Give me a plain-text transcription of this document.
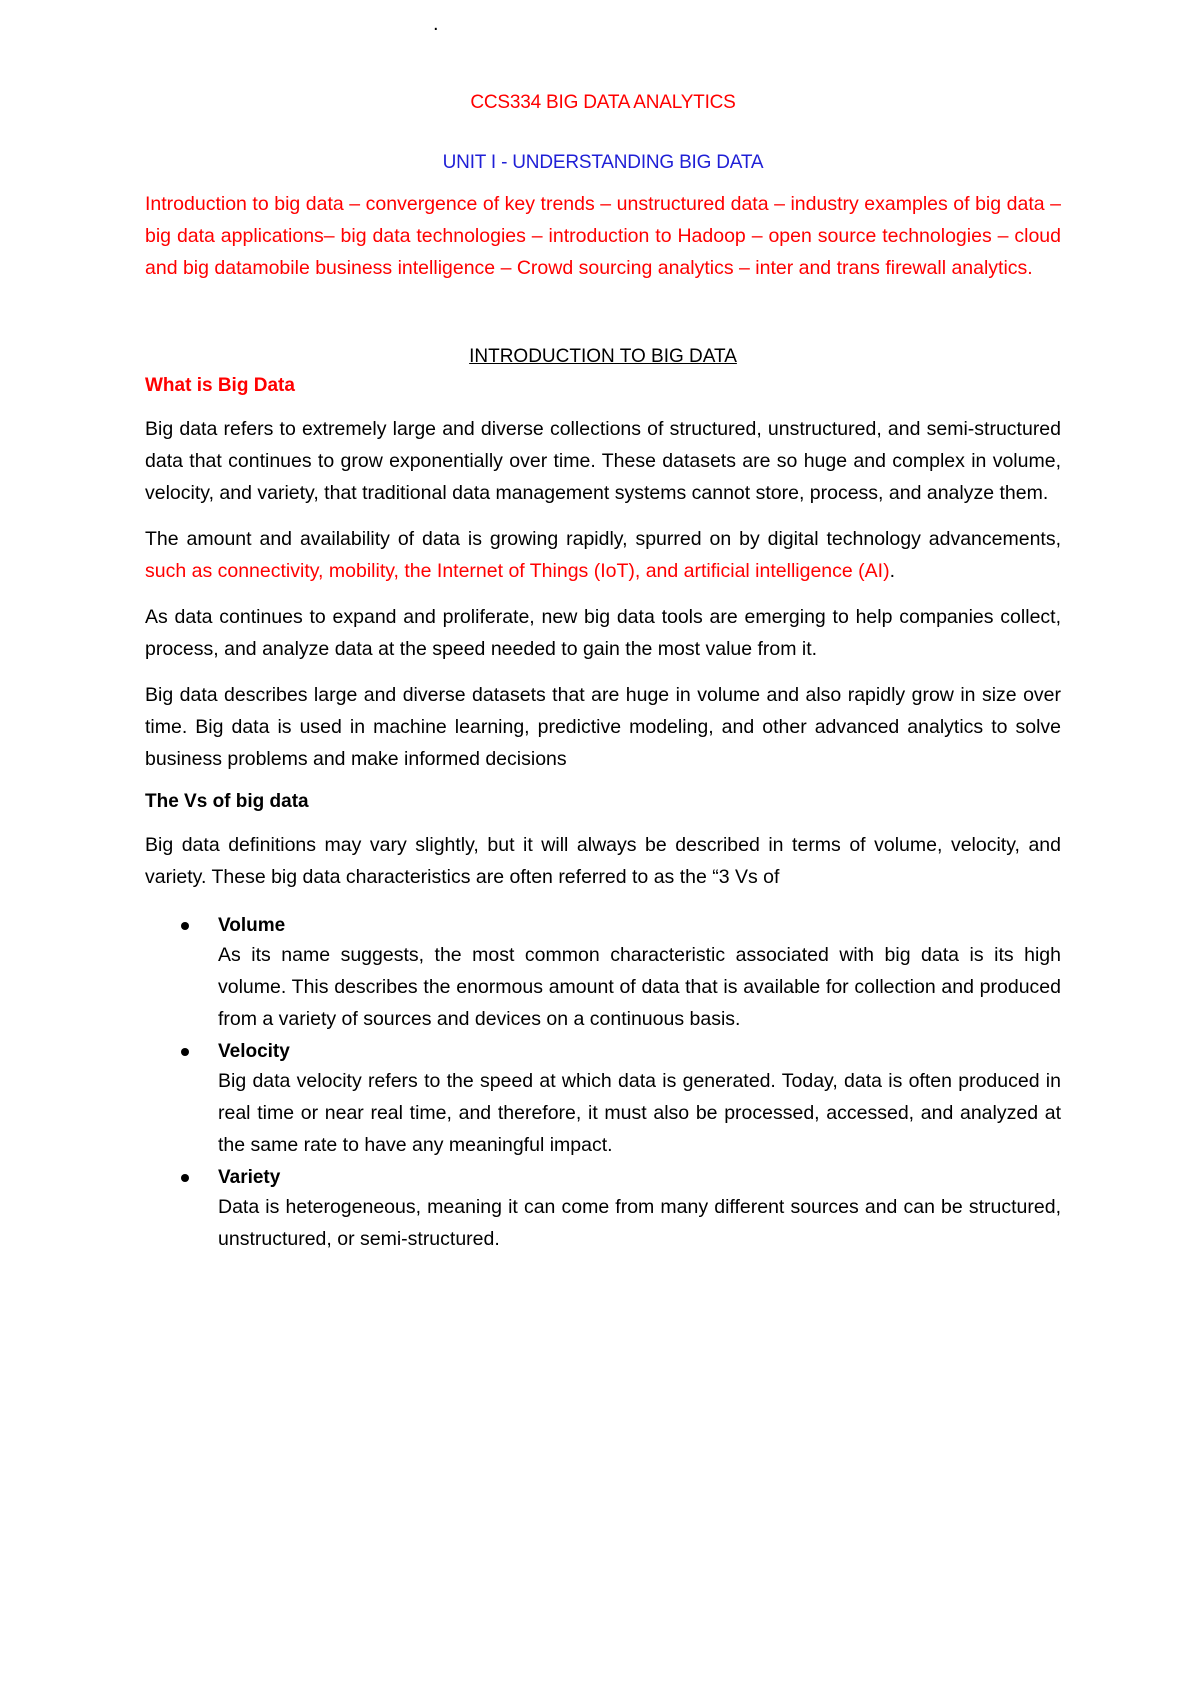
.

CCS334 BIG DATA ANALYTICS

UNIT I - UNDERSTANDING BIG DATA

Introduction to big data – convergence of key trends – unstructured data – industry examples of big data – big data applications– big data technologies – introduction to Hadoop – open source technologies – cloud and big datamobile business intelligence – Crowd sourcing analytics – inter and trans firewall analytics.

INTRODUCTION TO BIG DATA

What is Big Data

Big data refers to extremely large and diverse collections of structured, unstructured, and semi-structured data that continues to grow exponentially over time. These datasets are so huge and complex in volume, velocity, and variety, that traditional data management systems cannot store, process, and analyze them.

The amount and availability of data is growing rapidly, spurred on by digital technology advancements, such as connectivity, mobility, the Internet of Things (IoT), and artificial intelligence (AI).

As data continues to expand and proliferate, new big data tools are emerging to help companies collect, process, and analyze data at the speed needed to gain the most value from it.

Big data describes large and diverse datasets that are huge in volume and also rapidly grow in size over time. Big data is used in machine learning, predictive modeling, and other advanced analytics to solve business problems and make informed decisions

The Vs of big data

Big data definitions may vary slightly, but it will always be described in terms of volume, velocity, and variety. These big data characteristics are often referred to as the “3 Vs of

Volume
As its name suggests, the most common characteristic associated with big data is its high volume. This describes the enormous amount of data that is available for collection and produced from a variety of sources and devices on a continuous basis.
Velocity
Big data velocity refers to the speed at which data is generated. Today, data is often produced in real time or near real time, and therefore, it must also be processed, accessed, and analyzed at the same rate to have any meaningful impact.
Variety
Data is heterogeneous, meaning it can come from many different sources and can be structured, unstructured, or semi-structured.
